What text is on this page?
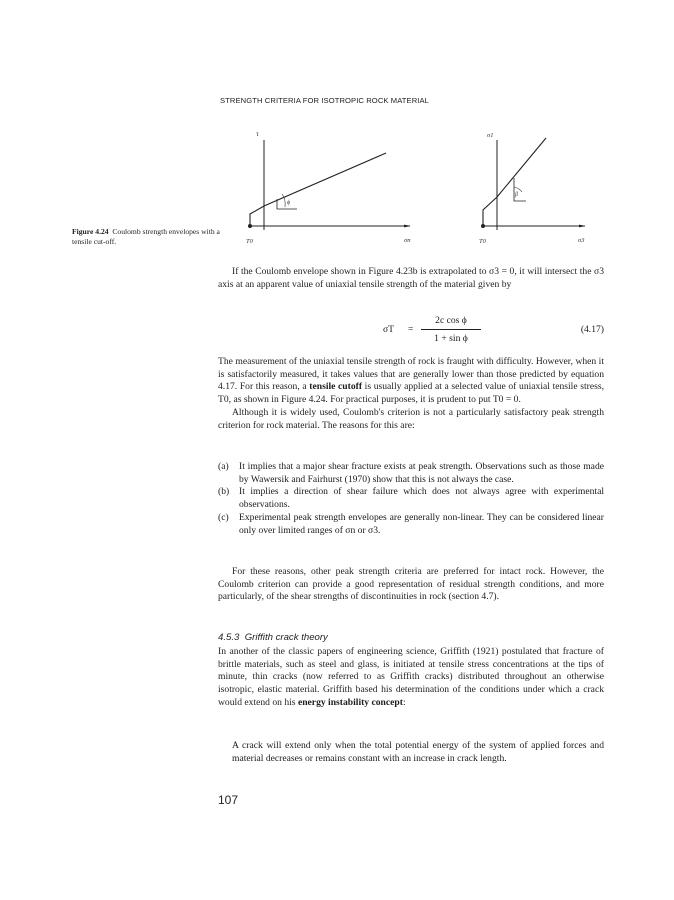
STRENGTH CRITERIA FOR ISOTROPIC ROCK MATERIAL
τ
σn
T0
ϕ
σ1
σ3
T0
β
Figure 4.24 Coulomb strength envelopes with a tensile cut-off.

If the Coulomb envelope shown in Figure 4.23b is extrapolated to σ3 = 0, it will intersect the σ3 axis at an apparent value of uniaxial tensile strength of the material given by

σT =
2c cos ϕ
1 + sin ϕ
(4.17)

The measurement of the uniaxial tensile strength of rock is fraught with difficulty. However, when it is satisfactorily measured, it takes values that are generally lower than those predicted by equation 4.17. For this reason, a tensile cutoff is usually applied at a selected value of uniaxial tensile stress, T0, as shown in Figure 4.24. For practical purposes, it is prudent to put T0 = 0.

Although it is widely used, Coulomb's criterion is not a particularly satisfactory peak strength criterion for rock material. The reasons for this are:

(a) It implies that a major shear fracture exists at peak strength. Observations such as those made by Wawersik and Fairhurst (1970) show that this is not always the case.

(b) It implies a direction of shear failure which does not always agree with experimental observations.

(c) Experimental peak strength envelopes are generally non-linear. They can be considered linear only over limited ranges of σn or σ3.

For these reasons, other peak strength criteria are preferred for intact rock. However, the Coulomb criterion can provide a good representation of residual strength conditions, and more particularly, of the shear strengths of discontinuities in rock (section 4.7).

4.5.3 Griffith crack theory

In another of the classic papers of engineering science, Griffith (1921) postulated that fracture of brittle materials, such as steel and glass, is initiated at tensile stress concentrations at the tips of minute, thin cracks (now referred to as Griffith cracks) distributed throughout an otherwise isotropic, elastic material. Griffith based his determination of the conditions under which a crack would extend on his energy instability concept:

A crack will extend only when the total potential energy of the system of applied forces and material decreases or remains constant with an increase in crack length.
107
